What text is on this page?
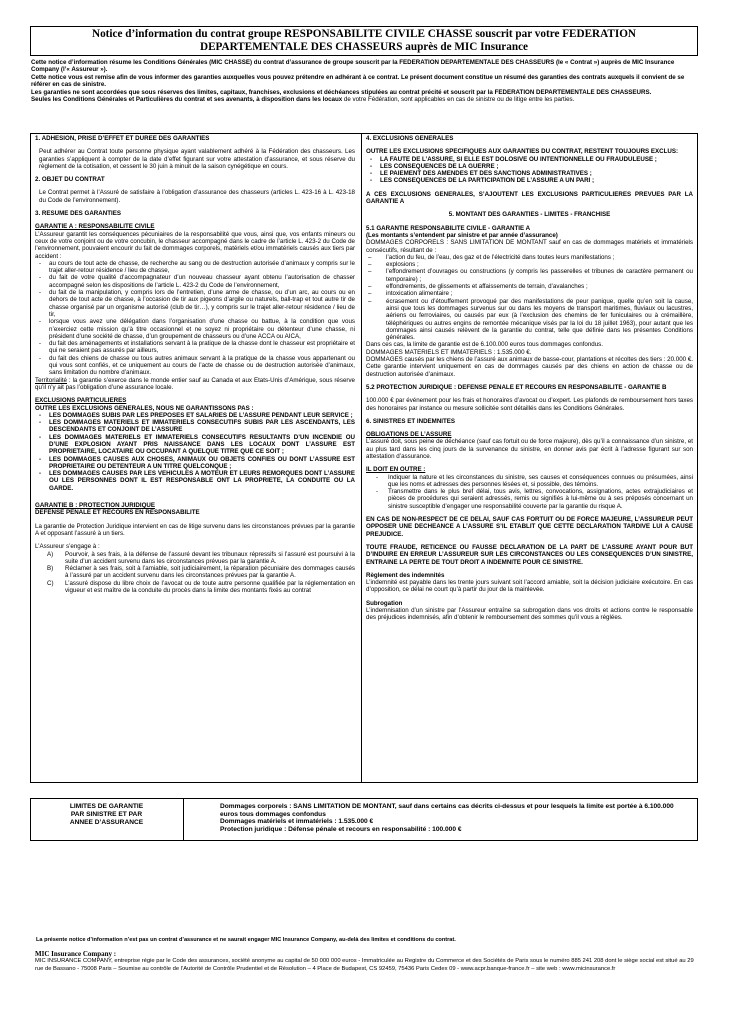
Notice d’information du contrat groupe RESPONSABILITE CIVILE CHASSE souscrit par votre FEDERATION
DEPARTEMENTALE DES CHASSEURS auprès de MIC Insurance

Cette notice d’information résume les Conditions Générales (MIC CHASSE) du contrat d’assurance de groupe souscrit par la FEDERATION DEPARTEMENTALE DES CHASSEURS (le « Contrat ») auprès de MIC Insurance Company (l’« Assureur »).

Cette notice vous est remise afin de vous informer des garanties auxquelles vous pouvez prétendre en adhérant à ce contrat. Le présent document constitue un résumé des garanties des contrats auxquels il convient de se référer en cas de sinistre.

Les garanties ne sont accordées que sous réserves des limites, capitaux, franchises, exclusions et déchéances stipulées au contrat précité et souscrit par la FEDERATION DEPARTEMENTALE DES CHASSEURS.

Seules les Conditions Générales et Particulières du contrat et ses avenants, à disposition dans les locaux de votre Fédération, sont applicables en cas de sinistre ou de litige entre les parties.

1. ADHESION, PRISE D’EFFET ET DUREE DES GARANTIES

Peut adhérer au Contrat toute personne physique ayant valablement adhéré à la Fédération des chasseurs. Les garanties s’appliquent à compter de la date d’effet figurant sur votre attestation d’assurance, et sous réserve du règlement de la cotisation, et cessent le 30 juin à minuit de la saison cynégétique en cours.

2. OBJET DU CONTRAT

Le Contrat permet à l’Assuré de satisfaire à l’obligation d’assurance des chasseurs (articles L. 423-16 à L. 423-18 du Code de l’environnement).

3. RESUME DES GARANTIES

GARANTIE A : RESPONSABILITE CIVILE

L’Assureur garantit les conséquences pécuniaires de la responsabilité que vous, ainsi que, vos enfants mineurs ou ceux de votre conjoint ou de votre concubin, le chasseur accompagné dans le cadre de l’article L. 423-2 du Code de l’environnement, pouvaient encourir du fait de dommages corporels, matériels et/ou immatériels causés aux tiers par accident :

- au cours de tout acte de chasse, de recherche au sang ou de destruction autorisée d’animaux y compris sur le trajet aller-retour résidence / lieu de chasse,
- du fait de votre qualité d’accompagnateur d’un nouveau chasseur ayant obtenu l’autorisation de chasser accompagné selon les dispositions de l’article L. 423-2 du Code de l’environnement,
- du fait de la manipulation, y compris lors de l’entretien, d’une arme de chasse, ou d’un arc, au cours ou en dehors de tout acte de chasse, à l’occasion de tir aux pigeons d’argile ou naturels, ball-trap et tout autre tir de chasse organisé par un organisme autorisé (club de tir…), y compris sur le trajet aller-retour résidence / lieu de tir,
- lorsque vous avez une délégation dans l’organisation d’une chasse ou battue, à la condition que vous n’exerciez cette mission qu’à titre occasionnel et ne soyez ni propriétaire ou détenteur d’une chasse, ni président d’une société de chasse, d’un groupement de chasseurs ou d’une ACCA ou AICA,
- du fait des aménagements et installations servant à la pratique de la chasse dont le chasseur est propriétaire et qui ne seraient pas assurés par ailleurs,
- du fait des chiens de chasse ou tous autres animaux servant à la pratique de la chasse vous appartenant ou qui vous sont confiés, et ce uniquement au cours de l’acte de chasse ou de destruction autorisée d’animaux, sans limitation du nombre d’animaux.

Territorialité : la garantie s’exerce dans le monde entier sauf au Canada et aux Etats-Unis d’Amérique, sous réserve qu’il n’y ait pas l’obligation d’une assurance locale.

EXCLUSIONS PARTICULIERES

OUTRE LES EXCLUSIONS GENERALES, NOUS NE GARANTISSONS PAS :

- LES DOMMAGES SUBIS PAR LES PREPOSES ET SALARIES DE L’ASSURE PENDANT LEUR SERVICE ;
- LES DOMMAGES MATERIELS ET IMMATERIELS CONSECUTIFS SUBIS PAR LES ASCENDANTS, LES DESCENDANTS ET CONJOINT DE L’ASSURE
- LES DOMMAGES MATERIELS ET IMMATERIELS CONSECUTIFS RESULTANTS D’UN INCENDIE OU D’UNE EXPLOSION AYANT PRIS NAISSANCE DANS LES LOCAUX DONT L’ASSURE EST PROPRIETAIRE, LOCATAIRE OU OCCUPANT A QUELQUE TITRE QUE CE SOIT ;
- LES DOMMAGES CAUSES AUX CHOSES, ANIMAUX OU OBJETS CONFIES OU DONT L’ASSURE EST PROPRIETAIRE OU DETENTEUR A UN TITRE QUELCONQUE ;
- LES DOMMAGES CAUSES PAR LES VEHICULES A MOTEUR ET LEURS REMORQUES DONT L’ASSURE OU LES PERSONNES DONT IL EST RESPONSABLE ONT LA PROPRIETE, LA CONDUITE OU LA GARDE.

GARANTIE B : PROTECTION JURIDIQUE

DEFENSE PENALE ET RECOURS EN RESPONSABILITE

La garantie de Protection Juridique intervient en cas de litige survenu dans les circonstances prévues par la garantie A et opposant l’assuré à un tiers.

L’Assureur s’engage à :

A) Pourvoir, à ses frais, à la défense de l’assuré devant les tribunaux répressifs si l’assuré est poursuivi à la suite d’un accident survenu dans les circonstances prévues par la garantie A.
B) Réclamer à ses frais, soit à l’amiable, soit judiciairement, la réparation pécuniaire des dommages causés à l’assuré par un accident survenu dans les circonstances prévues par la garantie A.
C) L’assuré dispose du libre choix de l’avocat ou de toute autre personne qualifiée par la réglementation en vigueur et est maître de la conduite du procès dans la limite des montants fixés au contrat

4. EXCLUSIONS GENERALES

OUTRE LES EXCLUSIONS SPECIFIQUES AUX GARANTIES DU CONTRAT, RESTENT TOUJOURS EXCLUS:

- LA FAUTE DE L’ASSURE, SI ELLE EST DOLOSIVE OU INTENTIONNELLE OU FRAUDULEUSE ;
- LES CONSEQUENCES DE LA GUERRE ;
- LE PAIEMENT DES AMENDES ET DES SANCTIONS ADMINISTRATIVES ;
- LES CONSEQUENCES DE LA PARTICIPATION DE L’ASSURE A UN PARI ;

A CES EXCLUSIONS GENERALES, S’AJOUTENT LES EXCLUSIONS PARTICULIERES PREVUES PAR LA GARANTIE A

5. MONTANT DES GARANTIES - LIMITES - FRANCHISE

5.1 GARANTIE RESPONSABILITE CIVILE - GARANTIE A

(Les montants s’entendent par sinistre et par année d’assurance)

DOMMAGES CORPORELS : SANS LIMITATION DE MONTANT sauf en cas de dommages matériels et immatériels consécutifs, résultant de :

– l’action du feu, de l’eau, des gaz et de l’électricité dans toutes leurs manifestations ;
– explosions ;
– l’effondrement d’ouvrages ou constructions (y compris les passerelles et tribunes de caractère permanent ou temporaire) ;
– effondrements, de glissements et affaissements de terrain, d’avalanches ;
– intoxication alimentaire ;
– écrasement ou d’étouffement provoqué par des manifestations de peur panique, quelle qu’en soit la cause, ainsi que tous les dommages survenus sur ou dans les moyens de transport maritimes, fluviaux ou lacustres, aériens ou ferroviaires, ou causés par eux (à l’exclusion des chemins de fer funiculaires ou à crémaillère, téléphériques ou autres engins de remontée mécanique visés par la loi du 18 juillet 1963), pour autant que les dommages ainsi causés relèvent de la garantie du contrat, telle que définie dans les présentes Conditions générales.

Dans ces cas, la limite de garantie est de 6.100.000 euros tous dommages confondus.

DOMMAGES MATERIELS ET IMMATERIELS : 1.535.000 €.

DOMMAGES causés par les chiens de l’assuré aux animaux de basse-cour, plantations et récoltes des tiers : 20.000 €. Cette garantie intervient uniquement en cas de dommages causés par des chiens en action de chasse ou de destruction autorisée d’animaux.

5.2 PROTECTION JURIDIQUE : DEFENSE PENALE ET RECOURS EN RESPONSABILITE - GARANTIE B

100.000 € par événement pour les frais et honoraires d’avocat ou d’expert. Les plafonds de remboursement hors taxes des honoraires par instance ou mesure sollicitée sont détaillés dans les Conditions Générales.

6. SINISTRES ET INDEMNITES

OBLIGATIONS DE L’ASSURE

L’assuré doit, sous peine de déchéance (sauf cas fortuit ou de force majeure), dès qu’il a connaissance d’un sinistre, et au plus tard dans les cinq jours de la survenance du sinistre, en donner avis par écrit à l’adresse figurant sur son attestation d’assurance.

IL DOIT EN OUTRE :

- Indiquer la nature et les circonstances du sinistre, ses causes et conséquences connues ou présumées, ainsi que les noms et adresses des personnes lésées et, si possible, des témoins.
- Transmettre dans le plus bref délai, tous avis, lettres, convocations, assignations, actes extrajudiciaires et pièces de procédures qui seraient adressés, remis ou signifiés à lui-même ou à ses préposés concernant un sinistre susceptible d’engager une responsabilité couverte par la garantie du risque A.

EN CAS DE NON-RESPECT DE CE DELAI, SAUF CAS FORTUIT OU DE FORCE MAJEURE, L’ASSUREUR PEUT OPPOSER UNE DECHEANCE A L’ASSURE S’IL ETABLIT QUE CETTE DECLARATION TARDIVE LUI A CAUSE PREJUDICE.

TOUTE FRAUDE, RETICENCE OU FAUSSE DECLARATION DE LA PART DE L’ASSURE AYANT POUR BUT D’INDUIRE EN ERREUR L’ASSUREUR SUR LES CIRCONSTANCES OU LES CONSEQUENCES D’UN SINISTRE, ENTRAINE LA PERTE DE TOUT DROIT A INDEMNITE POUR CE SINISTRE.

Règlement des indemnités

L’indemnité est payable dans les trente jours suivant soit l’accord amiable, soit la décision judiciaire exécutoire. En cas d’opposition, ce délai ne court qu’à partir du jour de la mainlevée.

Subrogation

L’indemnisation d’un sinistre par l’Assureur entraîne sa subrogation dans vos droits et actions contre le responsable des préjudices indemnisés, afin d’obtenir le remboursement des sommes qu’il vous a réglées.

LIMITES DE GARANTIE
PAR SINISTRE ET PAR
ANNEE D’ASSURANCE

Dommages corporels : SANS LIMITATION DE MONTANT, sauf dans certains cas décrits ci-dessus et pour lesquels la limite est portée à 6.100.000 euros tous dommages confondus

Dommages matériels et immatériels : 1.535.000 €

Protection juridique : Défense pénale et recours en responsabilité : 100.000 €

La présente notice d’information n’est pas un contrat d’assurance et ne saurait engager MIC Insurance Company, au-delà des limites et conditions du contrat.

MIC Insurance Company :

MIC INSURANCE COMPANY, entreprise régie par le Code des assurances, société anonyme au capital de 50 000 000 euros - Immatriculée au Registre du Commerce et des Sociétés de Paris sous le numéro 885 241 208 dont le siège social est situé au 29 rue de Bassano - 75008 Paris – Soumise au contrôle de l’Autorité de Contrôle Prudentiel et de Résolution – 4 Place de Budapest, CS 92459, 75436 Paris Cedex 09 - www.acpr.banque-france.fr – site web : www.micinsurance.fr
